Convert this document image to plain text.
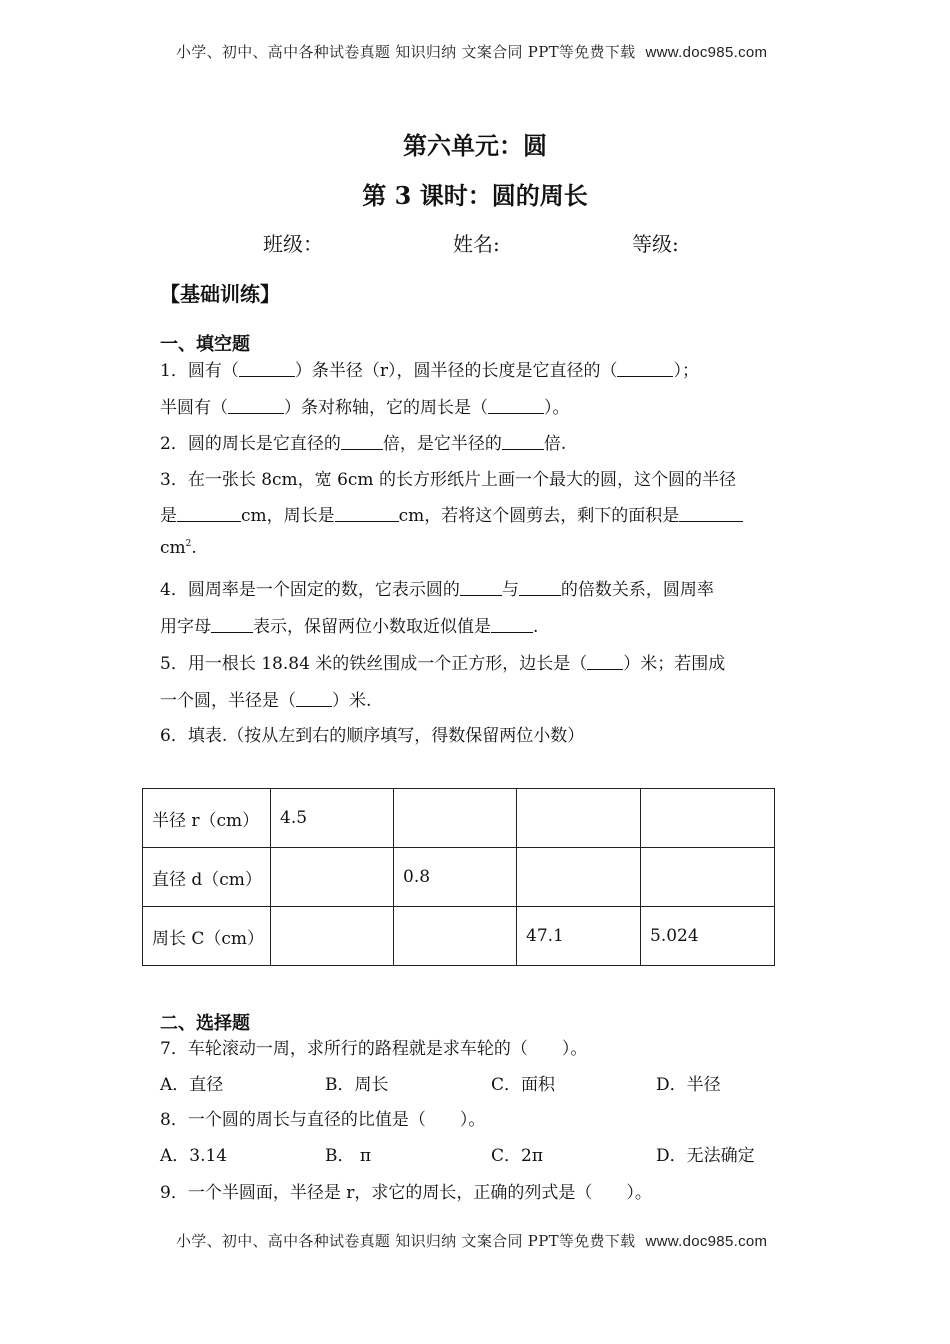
小学、初中、高中各种试卷真题 知识归纳 文案合同 PPT等免费下载 www.doc985.com
第六单元：圆
第 3 课时：圆的周长
班级：	姓名:	等级:
【基础训练】
一、填空题
1．圆有（	）条半径（r），圆半径的长度是它直径的（	）；
半圆有（	）条对称轴，它的周长是（	）。
2．圆的周长是它直径的 倍，是它半径的 倍.
3．在一张长 8cm，宽 6cm 的长方形纸片上画一个最大的圆，这个圆的半径
是	cm，周长是	cm，若将这个圆剪去，剩下的面积是
$cm^2$.
4．圆周率是一个固定的数，它表示圆的 与 的倍数关系，圆周率
用字母 表示，保留两位小数取近似值是 .
5．用一根长 18.84 米的铁丝围成一个正方形，边长是（ ）米；若围成
一个圆，半径是（ ）米.
6．填表.（按从左到右的顺序填写，得数保留两位小数）
半径 r（cm）	4.5			
直径 d（cm）		0.8		
周长 C（cm）			47.1	5.024
二、选择题
7．车轮滚动一周，求所行的路程就是求车轮的（　　）。
A．直径	B．周长	C．面积	D．半径
8．一个圆的周长与直径的比值是（　　）。
A．3.14	B． π	C．2π	D．无法确定
9．一个半圆面，半径是 r，求它的周长，正确的列式是（　　）。
小学、初中、高中各种试卷真题 知识归纳 文案合同 PPT等免费下载 www.doc985.com
